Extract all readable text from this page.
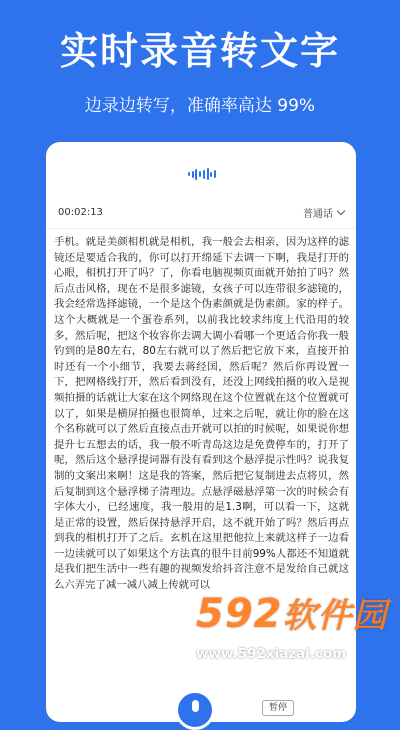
实时录音转文字
边录边转写，准确率高达 99%
00:02:13	普通话
手机。就是美颜相机就是相机，我一般会去相亲，因为这样的滤镜还是要适合我的，你可以打开绵延下去调一下啊，我是打开的心眼，相机打开了吗？了，你看电脑视频页面就开始拍了吗？然后点击风格，现在不是很多滤镜，女孩子可以连带很多滤镜的，我会经常选择滤镜，一个是这个伪素颜就是伪素颜。家的样子。这个大概就是一个蛋卷系列，以前我比较求纬度上代沿用的较多，然后呢，把这个妆容你去调大调小看哪一个更适合你我一般钓到的是80左右，80左右就可以了然后把它放下来，直接开拍时还有一个小细节，我要去蒋经国，然后呢？然后你再设置一下，把网格线打开，然后看到没有，还没上网线拍摄的收入是视频拍摄的话就让大家在这个网络现在这个位置就在这个位置就可以了，如果是横屏拍摄也很简单，过来之后呢，就让你的脸在这个名称就可以了然后直接点击开就可以拍的时候呢，如果说你想提升七五想去的话，我一般不听青岛这边是免费停车的，打开了呢，然后这个悬浮提词器有没有看到这个悬浮提示性吗？说我复制的文案出来啊！这是我的答案，然后把它复制进去点将贝，然后复制到这个悬浮梯子清理边。点悬浮磁悬浮第一次的时候会有字体大小，已经速度，我一般用的是1.3啊，可以看一下，这就是正常的设置，然后保持悬浮开启，这不就开始了吗？然后再点到我的相机打开了之后。玄机在这里把他拉上来就这样子一边看一边读就可以了如果这个方法真的很牛目前99%人都还不知道就是我们把生活中一些有趣的视频发给抖音注意不是发给自己就这么六弄完了减一减八减上传就可以
暂停
592软件园
www.592xiazai.com
